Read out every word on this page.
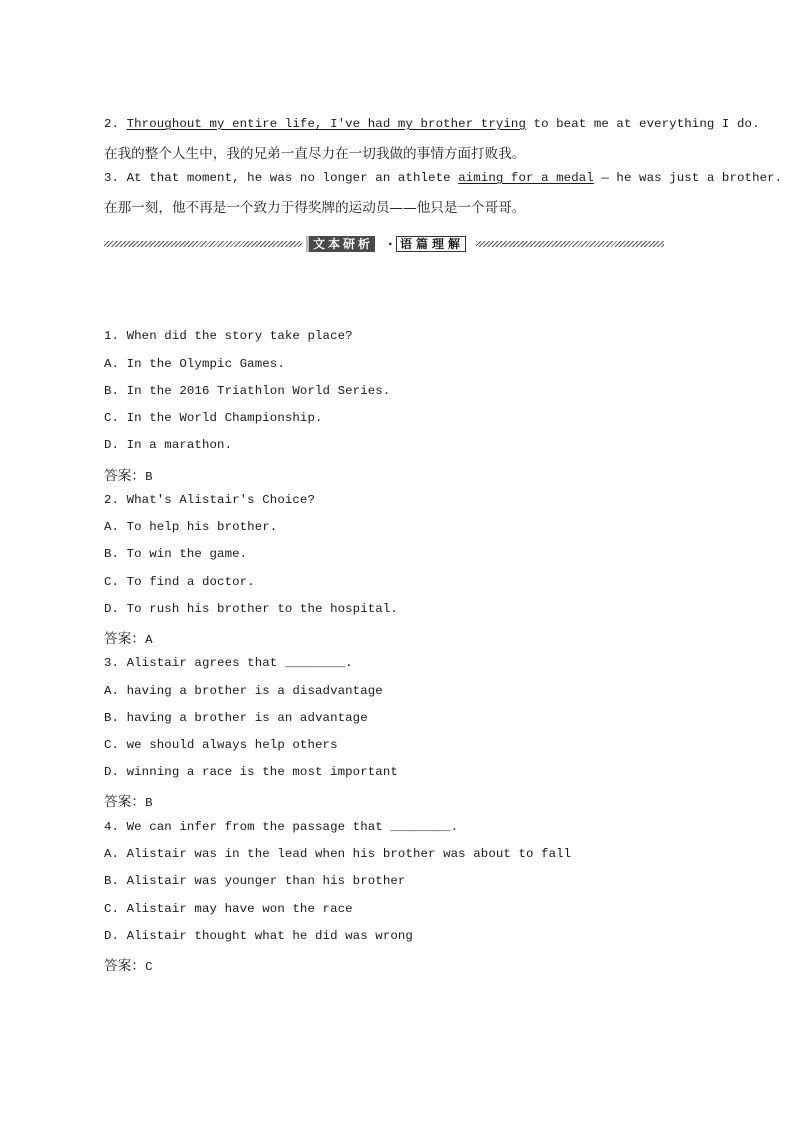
2. Throughout my entire life, I've had my brother trying to beat me at everything I do.
在我的整个人生中，我的兄弟一直尽力在一切我做的事情方面打败我。
3. At that moment, he was no longer an athlete aiming for a medal — he was just a brother.
在那一刻，他不再是一个致力于得奖牌的运动员——他只是一个哥哥。
文本研析 · 语篇理解
1. When did the story take place?
A. In the Olympic Games.
B. In the 2016 Triathlon World Series.
C. In the World Championship.
D. In a marathon.
答案：B
2. What's Alistair's Choice?
A. To help his brother.
B. To win the game.
C. To find a doctor.
D. To rush his brother to the hospital.
答案：A
3. Alistair agrees that ________.
A. having a brother is a disadvantage
B. having a brother is an advantage
C. we should always help others
D. winning a race is the most important
答案：B
4. We can infer from the passage that ________.
A. Alistair was in the lead when his brother was about to fall
B. Alistair was younger than his brother
C. Alistair may have won the race
D. Alistair thought what he did was wrong
答案：C
